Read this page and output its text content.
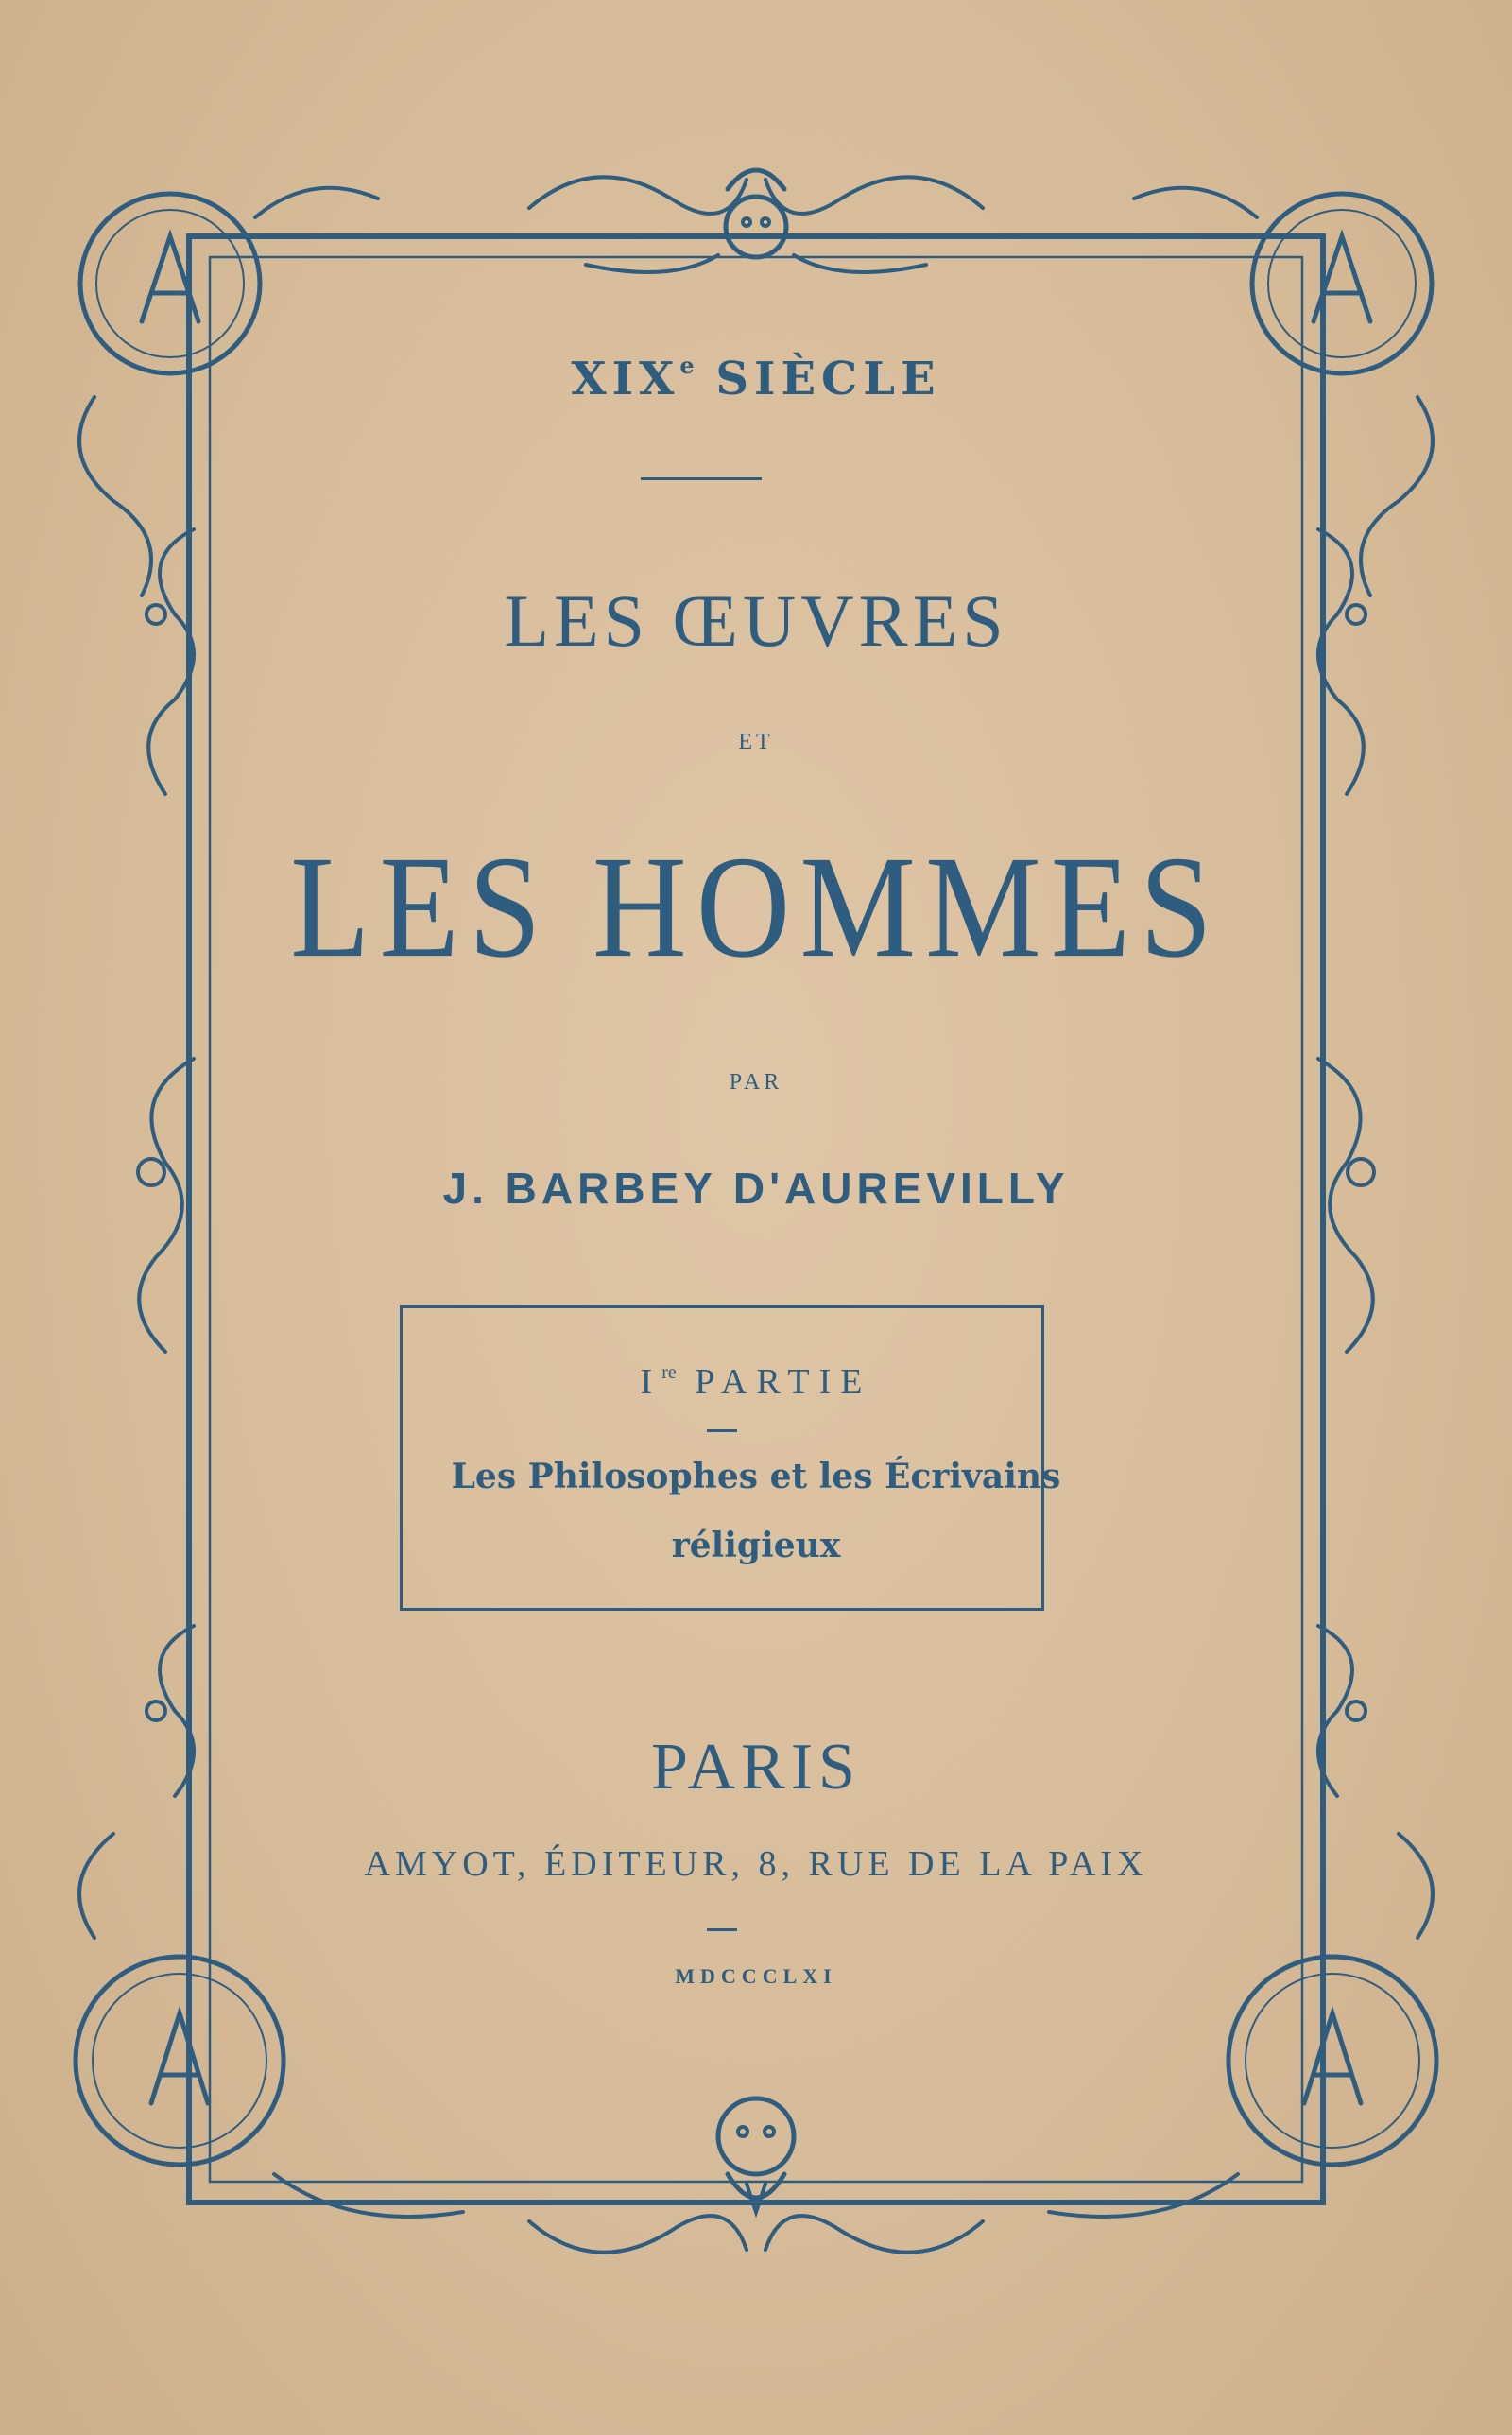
XIXe SIÈCLE
LES ŒUVRES
ET
LES HOMMES
PAR
J. BARBEY D'AUREVILLY
Ire PARTIE
Les Philosophes et les Écrivains
réligieux
PARIS
AMYOT, ÉDITEUR, 8, RUE DE LA PAIX
MDCCCLXI
